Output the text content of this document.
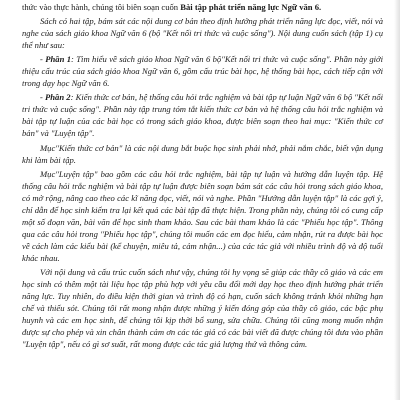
thức vào thực hành, chúng tôi biên soạn cuốn Bài tập phát triển năng lực Ngữ văn 6.

Sách có hai tập, bám sát các nội dung cơ bản theo định hướng phát triển năng lực đọc, viết, nói và nghe của sách giáo khoa Ngữ văn 6 (bộ "Kết nối tri thức và cuộc sống"). Nội dung cuốn sách (tập 1) cụ thể như sau:

- Phần 1: Tìm hiểu về sách giáo khoa Ngữ văn 6 bộ"Kết nối tri thức và cuộc sống". Phần này giới thiệu cấu trúc của sách giáo khoa Ngữ văn 6, gồm cấu trúc bài học, hệ thống bài học, cách tiếp cận với trong dạy học Ngữ văn 6.

- Phần 2: Kiến thức cơ bản, hệ thống câu hỏi trắc nghiệm và bài tập tự luận Ngữ văn 6 bộ "Kết nối tri thức và cuộc sống". Phần này tập trung tóm tắt kiến thức cơ bản và hệ thống câu hỏi trắc nghiệm và bài tập tự luận của các bài học có trong sách giáo khoa, được biên soạn theo hai mục: "Kiến thức cơ bản" và "Luyện tập".

Mục"Kiến thức cơ bản" là các nội dung bắt buộc học sinh phải nhớ, phải nắm chắc, biết vận dụng khi làm bài tập.

Mục"Luyện tập" bao gồm các câu hỏi trắc nghiệm, bài tập tự luận và hướng dẫn luyện tập. Hệ thống câu hỏi trắc nghiệm và bài tập tự luận được biên soạn bám sát các câu hỏi trong sách giáo khoa, có mở rộng, nâng cao theo các kĩ năng đọc, viết, nói và nghe. Phần "Hướng dẫn luyện tập" là các gợi ý, chỉ dẫn để học sinh kiểm tra lại kết quả các bài tập đã thực hiện. Trong phần này, chúng tôi có cung cấp một số đoạn văn, bài văn để học sinh tham khảo. Sau các bài tham khảo là các "Phiếu học tập". Thông qua các câu hỏi trong "Phiếu học tập", chúng tôi muốn các em đọc hiểu, cảm nhận, rút ra được bài học về cách làm các kiểu bài (kể chuyện, miêu tả, cảm nhận...) của các tác giả với nhiều trình độ và độ tuổi khác nhau.

Với nội dung và cấu trúc cuốn sách như vậy, chúng tôi hy vọng sẽ giúp các thầy cô giáo và các em học sinh có thêm một tài liệu học tập phù hợp với yêu cầu đổi mới dạy học theo định hướng phát triển năng lực. Tuy nhiên, do điều kiện thời gian và trình độ có hạn, cuốn sách không tránh khỏi những hạn chế và thiếu sót. Chúng tôi rất mong nhận được những ý kiến đóng góp của thầy cô giáo, các bậc phụ huynh và các em học sinh, để chúng tôi kịp thời bổ sung, sửa chữa. Chúng tôi cũng mong muốn nhận được sự cho phép và xin chân thành cảm ơn các tác giả có các bài viết đã được chúng tôi đưa vào phần "Luyện tập", nếu có gì sơ suất, rất mong được các tác giả lượng thứ và thông cảm.
